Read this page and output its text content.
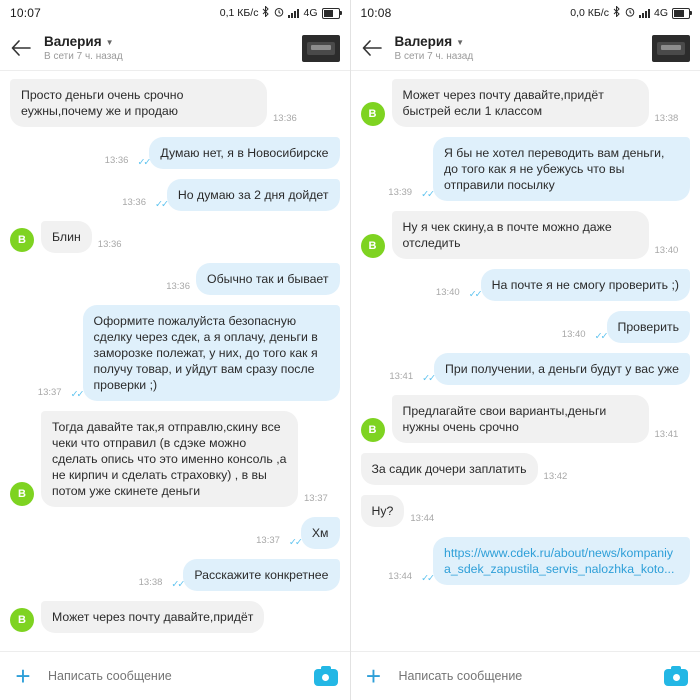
10:07	0,1 КБ/с	4G
Валерия ▼
В сети 7 ч. назад
Просто деньги очень срочно еужны,почему же и продаю
13:36
13:36 ✓✓
Думаю нет, я в Новосибирске
13:36 ✓✓
Но думаю за 2 дня дойдет
B	Блин
13:36
13:36
Обычно так и бывает
13:37 ✓✓
Оформите пожалуйста безопасную сделку через сдек, а я оплачу, деньги в заморозке полежат, у них, до того как я получу товар, и уйдут вам сразу после проверки ;)
B
Тогда давайте так,я отправлю,скину все чеки что отправил (в сдэке можно сделать опись что это именно консоль ,а не кирпич и сделать страховку) , в вы потом уже скинете деньги
13:37
13:37 ✓✓
Хм
13:38 ✓✓
Расскажите конкретнее
B	Может через почту давайте,придёт
+
Написать сообщение
10:08	0,0 КБ/с	4G
Валерия ▼
В сети 7 ч. назад
B
Может через почту давайте,придёт быстрей если 1 классом
13:38
13:39 ✓✓
Я бы не хотел переводить вам деньги, до того как я не убежусь что вы отправили посылку
B
Ну я чек скину,а в почте можно даже отследить
13:40
13:40 ✓✓
На почте я не смогу проверить ;)
13:40 ✓✓
Проверить
13:41 ✓✓
При получении, а деньги будут у вас уже
B
Предлагайте свои варианты,деньги нужны очень срочно
13:41
За садик дочери заплатить
13:42
Ну?
13:44
13:44 ✓✓
https://www.cdek.ru/about/news/kompaniya_sdek_zapustila_servis_nalozhka_koto...
+
Написать сообщение
